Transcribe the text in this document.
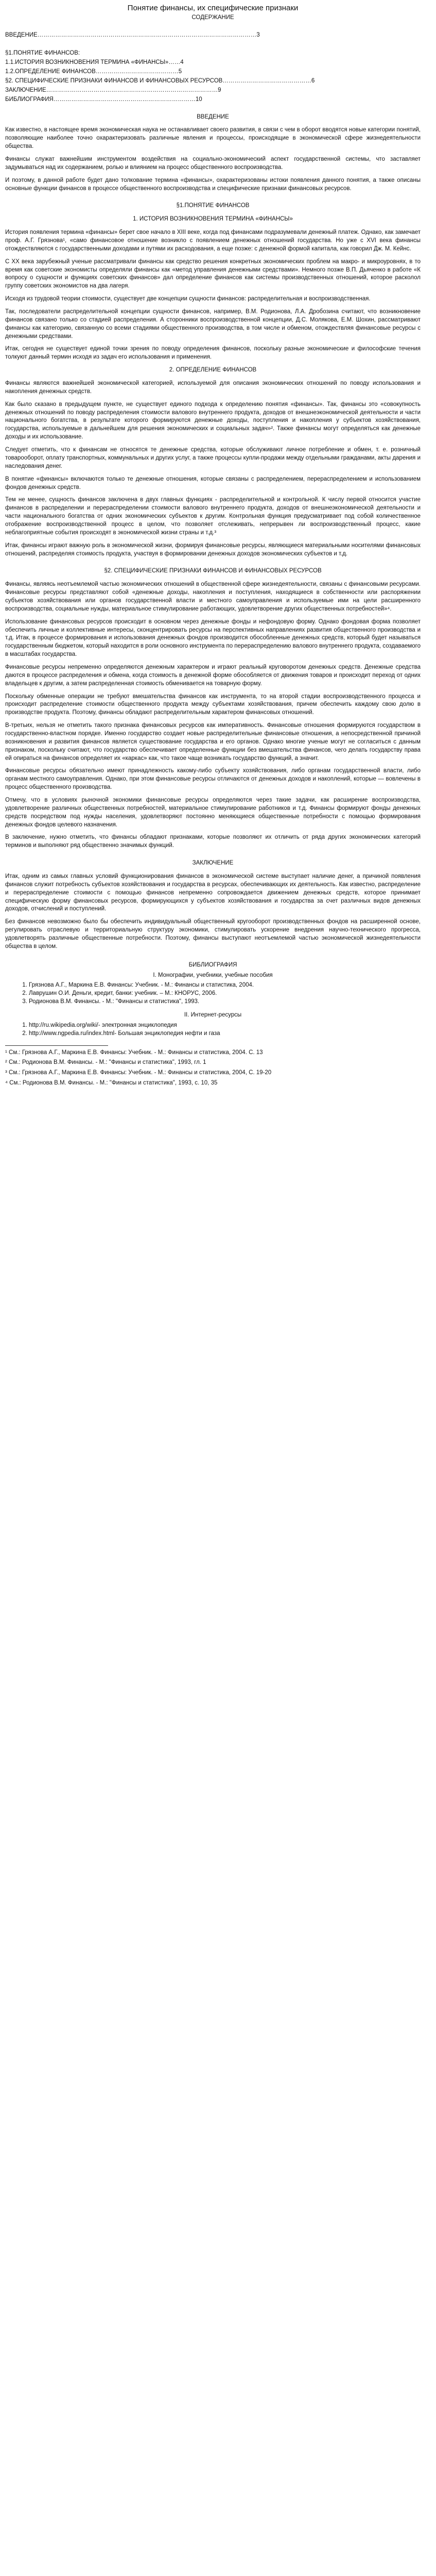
Понятие финансы, их специфические признаки
СОДЕРЖАНИЕ
ВВЕДЕНИЕ…………………………………………………………………………………………………3
§1.ПОНЯТИЕ ФИНАНСОВ:
1.1.ИСТОРИЯ ВОЗНИКНОВЕНИЯ ТЕРМИНА «ФИНАНСЫ»……4
1.2.ОПРЕДЕЛЕНИЕ ФИНАНСОВ……………………………………5
§2. СПЕЦИФИЧЕСКИЕ ПРИЗНАКИ ФИНАНСОВ И ФИНАНСОВЫХ РЕСУРСОВ………………………………………6
ЗАКЛЮЧЕНИЕ……………………………………………………………………………9
БИБЛИОГРАФИЯ………………………………………………………………10
ВВЕДЕНИЕ

Как известно, в настоящее время экономическая наука не останавливает своего развития, в связи с чем в оборот вводятся новые категории понятий, позволяющие наиболее точно охарактеризовать различные явления и процессы, происходящие в экономической сфере жизнедеятельности общества.

Финансы служат важнейшим инструментом воздействия на социально-экономический аспект государственной системы, что заставляет задумываться над их содержанием, ролью и влиянием на процесс общественного воспроизводства.

И поэтому, в данной работе будет дано толкование термина «финансы», охарактеризованы истоки появления данного понятия, а также описаны основные функции финансов в процессе общественного воспроизводства и специфические признаки финансовых ресурсов.

§1.ПОНЯТИЕ ФИНАНСОВ
1. ИСТОРИЯ ВОЗНИКНОВЕНИЯ ТЕРМИНА «ФИНАНСЫ»

История появления термина «финансы» берет свое начало в XIII веке, когда под финансами подразумевали денежный платеж. Однако, как замечает проф. А.Г. Грязнова¹, «само финансовое отношение возникло с появлением денежных отношений государства. Но уже с XVI века финансы отождествляются с государственными доходами и путями их расходования, а еще позже: с денежной формой капитала, как говорил Дж. М. Кейнс.

С XX века зарубежный ученые рассматривали финансы как средство решения конкретных экономических проблем на макро- и микроуровнях, в то время как советские экономисты определяли финансы как «метод управления денежными средствами». Немного позже В.П. Дьяченко в работе «К вопросу о сущности и функциях советских финансов» дал определение финансов как системы производственных отношений, которое расколол группу советских экономистов на два лагеря.

Исходя из трудовой теории стоимости, существует две концепции сущности финансов: распределительная и воспроизводственная.

Так, последователи распределительной концепции сущности финансов, например, В.М. Родионова, Л.А. Дробозина считают, что возникновение финансов связано только со стадией распределения. А сторонники воспроизводственной концепции, Д.С. Молякова, Е.М. Шохин, рассматривают финансы как категорию, связанную со всеми стадиями общественного производства, в том числе и обменом, отождествляя финансовые ресурсы с денежными средствами.

Итак, сегодня не существует единой точки зрения по поводу определения финансов, поскольку разные экономические и философские течения толкуют данный термин исходя из задач его использования и применения.

2. ОПРЕДЕЛЕНИЕ ФИНАНСОВ

Финансы являются важнейшей экономической категорией, используемой для описания экономических отношений по поводу использования и накопления денежных средств.

Как было сказано в предыдущем пункте, не существует единого подхода к определению понятия «финансы». Так, финансы это «совокупность денежных отношений по поводу распределения стоимости валового внутреннего продукта, доходов от внешнеэкономической деятельности и части национального богатства, в результате которого формируются денежные доходы, поступления и накопления у субъектов хозяйствования, государства, используемые в дальнейшем для решения экономических и социальных задач»². Также финансы могут определяться как денежные доходы и их использование.

Следует отметить, что к финансам не относятся те денежные средства, которые обслуживают личное потребление и обмен, т. е. розничный товарооборот, оплату транспортных, коммунальных и других услуг, а также процессы купли-продажи между отдельными гражданами, акты дарения и наследования денег.

В понятие «финансы» включаются только те денежные отношения, которые связаны с распределением, перераспределением и использованием фондов денежных средств.

Тем не менее, сущность финансов заключена в двух главных функциях - распределительной и контрольной. К числу первой относится участие финансов в распределении и перераспределении стоимости валового внутреннего продукта, доходов от внешнеэкономической деятельности и части национального богатства от одних экономических субъектов к другим. Контрольная функция предусматривает под собой количественное отображение воспроизводственной процесс в целом, что позволяет отслеживать, непрерывен ли воспроизводственный процесс, какие неблагоприятные события происходят в экономической жизни страны и т.д.³

Итак, финансы играют важную роль в экономической жизни, формируя финансовые ресурсы, являющиеся материальными носителями финансовых отношений, распределяя стоимость продукта, участвуя в формировании денежных доходов экономических субъектов и т.д.

§2. СПЕЦИФИЧЕСКИЕ ПРИЗНАКИ ФИНАНСОВ И ФИНАНСОВЫХ РЕСУРСОВ

Финансы, являясь неотъемлемой частью экономических отношений в общественной сфере жизнедеятельности, связаны с финансовыми ресурсами. Финансовые ресурсы представляют собой «денежные доходы, накопления и поступления, находящиеся в собственности или распоряжении субъектов хозяйствования или органов государственной власти и местного самоуправления и используемые ими на цели расширенного воспроизводства, социальные нужды, материальное стимулирование работающих, удовлетворение других общественных потребностей»⁴.

Использование финансовых ресурсов происходит в основном через денежные фонды и нефондовую форму. Однако фондовая форма позволяет обеспечить личные и коллективные интересы, сконцентрировать ресурсы на перспективных направлениях развития общественного производства и т.д. Итак, в процессе формирования и использования денежных фондов производится обособленные денежных средств, который будет называться государственным бюджетом, который находится в роли основного инструмента по перераспределению валового внутреннего продукта, создаваемого в масштабах государства.

Финансовые ресурсы непременно определяются денежным характером и играют реальный круговоротом денежных средств. Денежные средства даются в процессе распределения и обмена, когда стоимость в денежной форме обособляется от движения товаров и происходит переход от одних владельцев к другим, а затем распределенная стоимость обменивается на товарную форму.

Поскольку обменные операции не требуют вмешательства финансов как инструмента, то на второй стадии воспроизводственного процесса и происходит распределение стоимости общественного продукта между субъектами хозяйствования, причем обеспечить каждому свою долю в производстве продукта. Поэтому, финансы обладают распределительным характером финансовых отношений.

В-третьих, нельзя не отметить такого признака финансовых ресурсов как императивность. Финансовые отношения формируются государством в государственно-властном порядке. Именно государство создает новые распределительные финансовые отношения, а непосредственной причиной возникновения и развития финансов является существование государства и его органов. Однако многие ученые могут не согласиться с данным признаком, поскольку считают, что государство обеспечивает определенные функции без вмешательства финансов, чего делать государству права ей опираться на финансов определяет их «каркас» как, что такое чаще возникать государство функций, а значит.

Финансовые ресурсы обязательно имеют принадлежность какому-либо субъекту хозяйствования, либо органам государственной власти, либо органам местного самоуправления. Однако, при этом финансовые ресурсы отличаются от денежных доходов и накоплений, которые — вовлечены в процесс общественного производства.

Отмечу, что в условиях рыночной экономики финансовые ресурсы определяются через такие задачи, как расширение воспроизводства, удовлетворение различных общественных потребностей, материальное стимулирование работников и т.д. Финансы формируют фонды денежных средств посредством под нужды населения, удовлетворяют постоянно меняющиеся общественные потребности с помощью формирования денежных фондов целевого назначения.

В заключение, нужно отметить, что финансы обладают признаками, которые позволяют их отличить от ряда других экономических категорий терминов и выполняют ряд общественно значимых функций.

ЗАКЛЮЧЕНИЕ

Итак, одним из самых главных условий функционирования финансов в экономической системе выступает наличие денег, а причиной появления финансов служит потребность субъектов хозяйствования и государства в ресурсах, обеспечивающих их деятельность. Как известно, распределение и перераспределение стоимости с помощью финансов непременно сопровождается движением денежных средств, которое принимает специфическую форму финансовых ресурсов, формирующихся у субъектов хозяйствования и государства за счет различных видов денежных доходов, отчислений и поступлений.

Без финансов невозможно было бы обеспечить индивидуальный общественный кругооборот производственных фондов на расширенной основе, регулировать отраслевую и территориальную структуру экономики, стимулировать ускорение внедрения научно-технического прогресса, удовлетворять различные общественные потребности. Поэтому, финансы выступают неотъемлемой частью экономической жизнедеятельности общества в целом.

БИБЛИОГРАФИЯ
I. Монографии, учебники, учебные пособия
1. Грязнова А.Г., Маркина Е.В. Финансы: Учебник. - М.: Финансы и статистика, 2004.
2. Лаврушин О.И. Деньги, кредит, банки: учебник. – М.: КНОРУС, 2006.
3. Родионова В.М. Финансы. - М.: "Финансы и статистика", 1993.
II. Интернет-ресурсы
1. http://ru.wikipedia.org/wiki/- электронная энциклопедия
2. http://www.ngpedia.ru/index.html- Большая энциклопедия нефти и газа
¹ См.: Грязнова А.Г., Маркина Е.В. Финансы: Учебник. - М.: Финансы и статистика, 2004. С. 13
² См.: Родионова В.М. Финансы. - М.: "Финансы и статистика", 1993, гл. 1
³ См.: Грязнова А.Г., Маркина Е.В. Финансы: Учебник. - М.: Финансы и статистика, 2004, С. 19-20
⁴ См.: Родионова В.М. Финансы. - М.: "Финансы и статистика", 1993, с. 10, 35
